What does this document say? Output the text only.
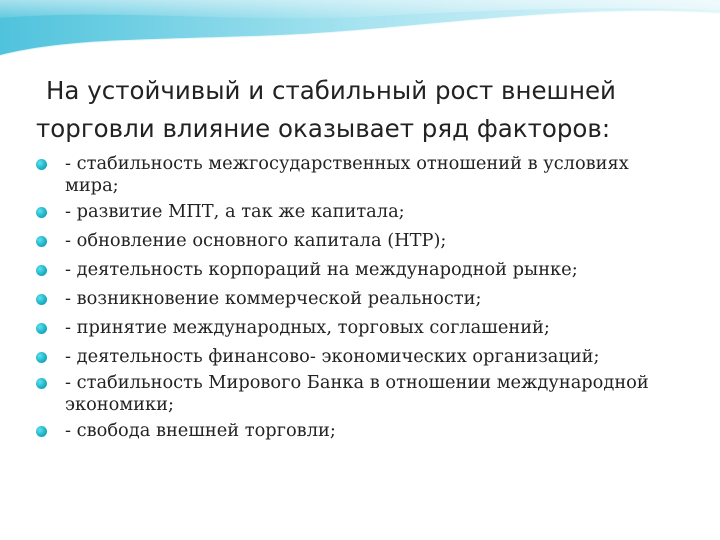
На устойчивый и стабильный рост внешней торговли влияние оказывает ряд факторов:
- стабильность межгосударственных отношений в условиях мира;
- развитие МПТ, а так же капитала;
- обновление основного капитала (НТР);
- деятельность корпораций на международной рынке;
- возникновение коммерческой реальности;
- принятие международных, торговых соглашений;
- деятельность финансово- экономических организаций;
- стабильность Мирового Банка в отношении международной экономики;
- свобода внешней торговли;
